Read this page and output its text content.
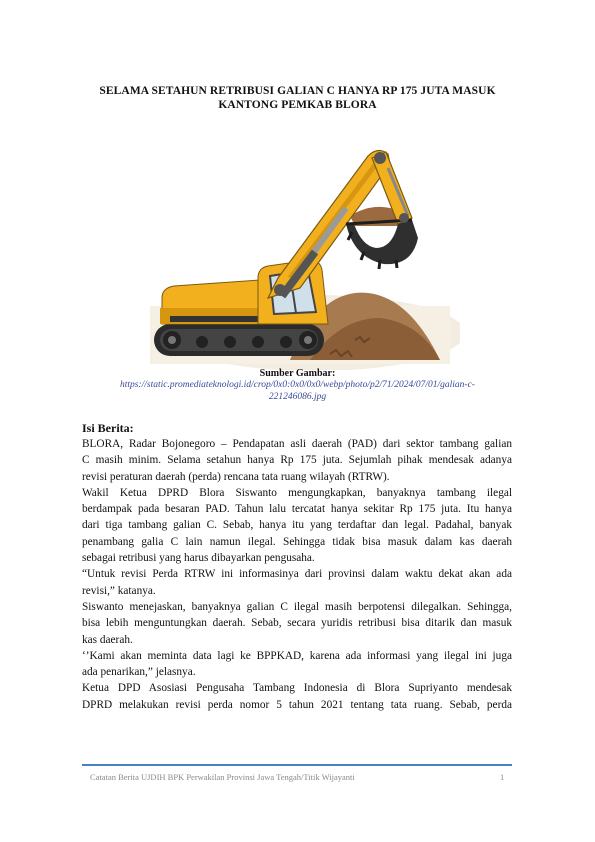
SELAMA SETAHUN RETRIBUSI GALIAN C HANYA RP 175 JUTA MASUK
KANTONG PEMKAB BLORA
Sumber Gambar:
https://static.promediateknologi.id/crop/0x0:0x0/0x0/webp/photo/p2/71/2024/07/01/galian-c-
221246086.jpg
Isi Berita:
BLORA, Radar Bojonegoro – Pendapatan asli daerah (PAD) dari sektor tambang galian
C masih minim. Selama setahun hanya Rp 175 juta. Sejumlah pihak mendesak adanya
revisi peraturan daerah (perda) rencana tata ruang wilayah (RTRW).
Wakil Ketua DPRD Blora Siswanto mengungkapkan, banyaknya tambang ilegal
berdampak pada besaran PAD. Tahun lalu tercatat hanya sekitar Rp 175 juta. Itu hanya
dari tiga tambang galian C. Sebab, hanya itu yang terdaftar dan legal. Padahal, banyak
penambang galia C lain namun ilegal. Sehingga tidak bisa masuk dalam kas daerah
sebagai retribusi yang harus dibayarkan pengusaha.
“Untuk revisi Perda RTRW ini informasinya dari provinsi dalam waktu dekat akan ada
revisi,” katanya.
Siswanto menejaskan, banyaknya galian C ilegal masih berpotensi dilegalkan. Sehingga,
bisa lebih menguntungkan daerah. Sebab, secara yuridis retribusi bisa ditarik dan masuk
kas daerah.
‘’Kami akan meminta data lagi ke BPPKAD, karena ada informasi yang ilegal ini juga
ada penarikan,” jelasnya.
Ketua DPD Asosiasi Pengusaha Tambang Indonesia di Blora Supriyanto mendesak
DPRD melakukan revisi perda nomor 5 tahun 2021 tentang tata ruang. Sebab, perda
Catatan Berita UJDIH BPK Perwakilan Provinsi Jawa Tengah/Titik Wijayanti	1
